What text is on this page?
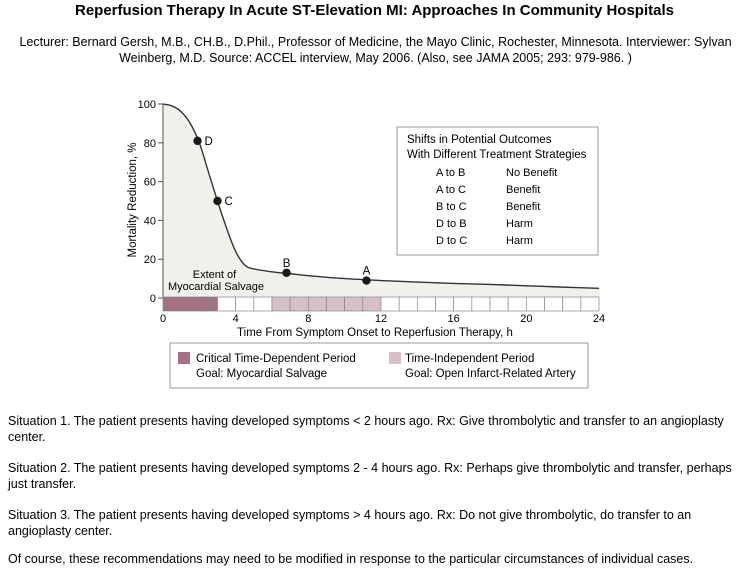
Reperfusion Therapy In Acute ST-Elevation MI: Approaches In Community Hospitals
Lecturer: Bernard Gersh, M.B., CH.B., D.Phil., Professor of Medicine, the Mayo Clinic, Rochester, Minnesota. Interviewer: Sylvan Weinberg, M.D. Source: ACCEL interview, May 2006. (Also, see JAMA 2005; 293: 979-986. )
0
20
40
60
80
100
0	4	8	12	16	20	24
D
C
B
A
Shifts in Potential Outcomes
With Different Treatment Strategies
A to B	No Benefit
A to C	Benefit
B to C	Benefit
D to B	Harm
D to C	Harm
Time From Symptom Onset to Reperfusion Therapy, h
Mortality Reduction, %
Extent of Myocardial Salvage
Critical Time-Dependent Period
Goal: Myocardial Salvage
Time-Independent Period
Goal: Open Infarct-Related Artery
Situation 1. The patient presents having developed symptoms < 2 hours ago. Rx: Give thrombolytic and transfer to an angioplasty center.
Situation 2. The patient presents having developed symptoms 2 - 4 hours ago. Rx: Perhaps give thrombolytic and transfer, perhaps just transfer.
Situation 3. The patient presents having developed symptoms > 4 hours ago. Rx: Do not give thrombolytic, do transfer to an angioplasty center.
Of course, these recommendations may need to be modified in response to the particular circumstances of individual cases.
